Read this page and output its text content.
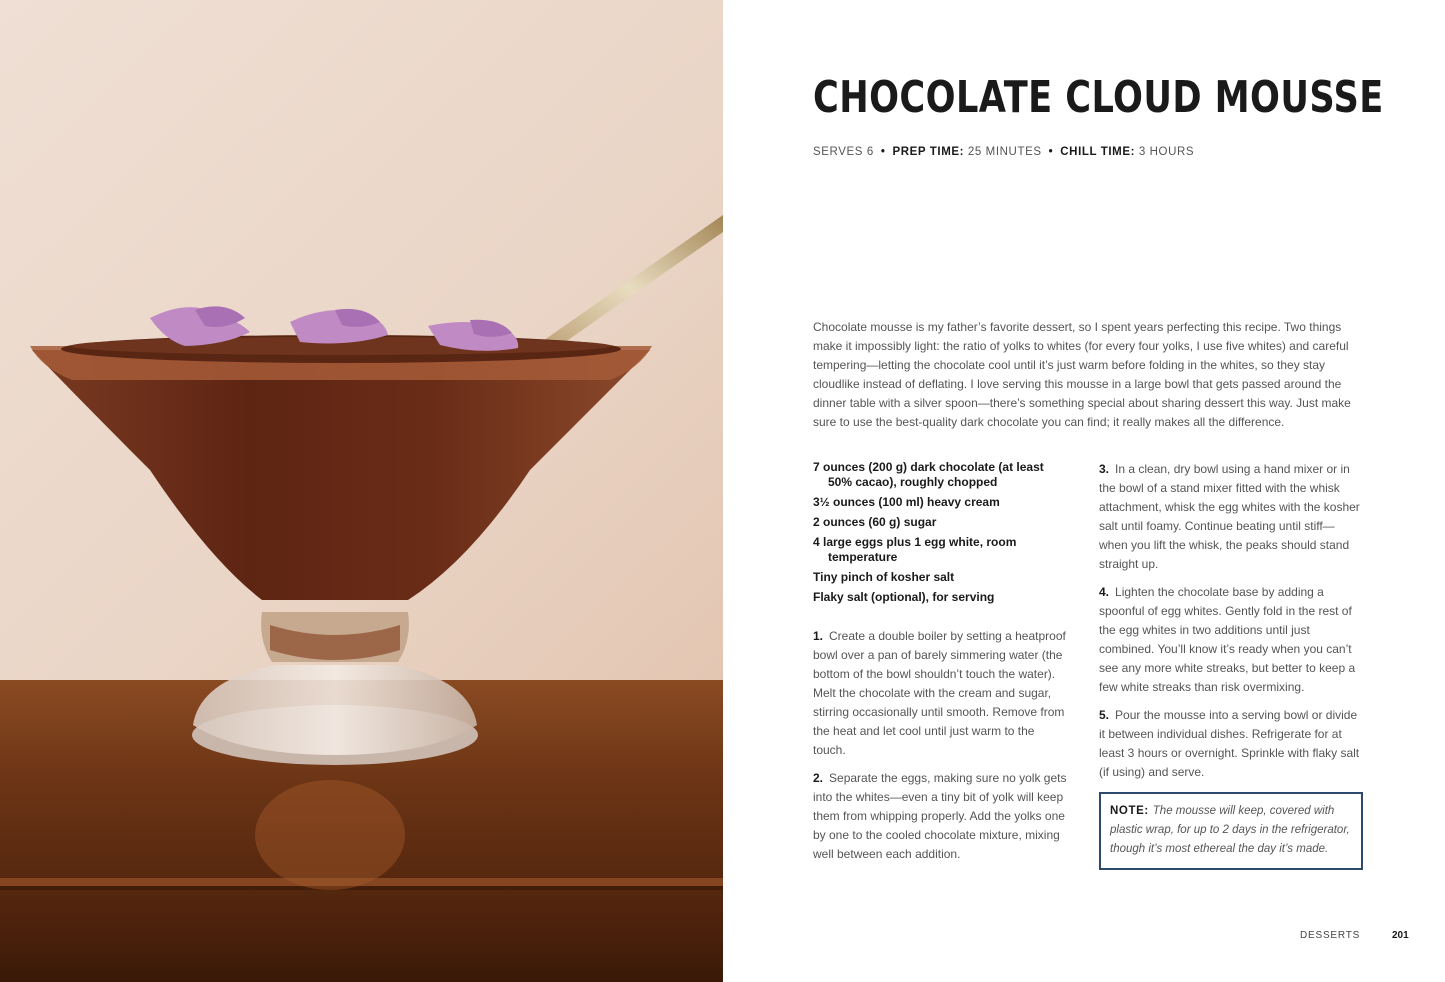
CHOCOLATE CLOUD MOUSSE
SERVES 6 • PREP TIME: 25 MINUTES • CHILL TIME: 3 HOURS

Chocolate mousse is my father’s favorite dessert, so I spent years perfecting this recipe. Two things make it impossibly light: the ratio of yolks to whites (for every four yolks, I use five whites) and careful tempering—letting the chocolate cool until it’s just warm before folding in the whites, so they stay cloudlike instead of deflating. I love serving this mousse in a large bowl that gets passed around the dinner table with a silver spoon—there’s something special about sharing dessert this way. Just make sure to use the best-quality dark chocolate you can find; it really makes all the difference.

7 ounces (200 g) dark chocolate (at least 50% cacao), roughly chopped
3½ ounces (100 ml) heavy cream
2 ounces (60 g) sugar
4 large eggs plus 1 egg white, room temperature
Tiny pinch of kosher salt
Flaky salt (optional), for serving

1. Create a double boiler by setting a heatproof bowl over a pan of barely simmering water (the bottom of the bowl shouldn’t touch the water). Melt the chocolate with the cream and sugar, stirring occasionally until smooth. Remove from the heat and let cool until just warm to the touch.

2. Separate the eggs, making sure no yolk gets into the whites—even a tiny bit of yolk will keep them from whipping properly. Add the yolks one by one to the cooled chocolate mixture, mixing well between each addition.

3. In a clean, dry bowl using a hand mixer or in the bowl of a stand mixer fitted with the whisk attachment, whisk the egg whites with the kosher salt until foamy. Continue beating until stiff—when you lift the whisk, the peaks should stand straight up.

4. Lighten the chocolate base by adding a spoonful of egg whites. Gently fold in the rest of the egg whites in two additions until just combined. You’ll know it’s ready when you can’t see any more white streaks, but better to keep a few white streaks than risk overmixing.

5. Pour the mousse into a serving bowl or divide it between individual dishes. Refrigerate for at least 3 hours or overnight. Sprinkle with flaky salt (if using) and serve.

NOTE: The mousse will keep, covered with plastic wrap, for up to 2 days in the refrigerator, though it’s most ethereal the day it’s made.
DESSERTS	201
